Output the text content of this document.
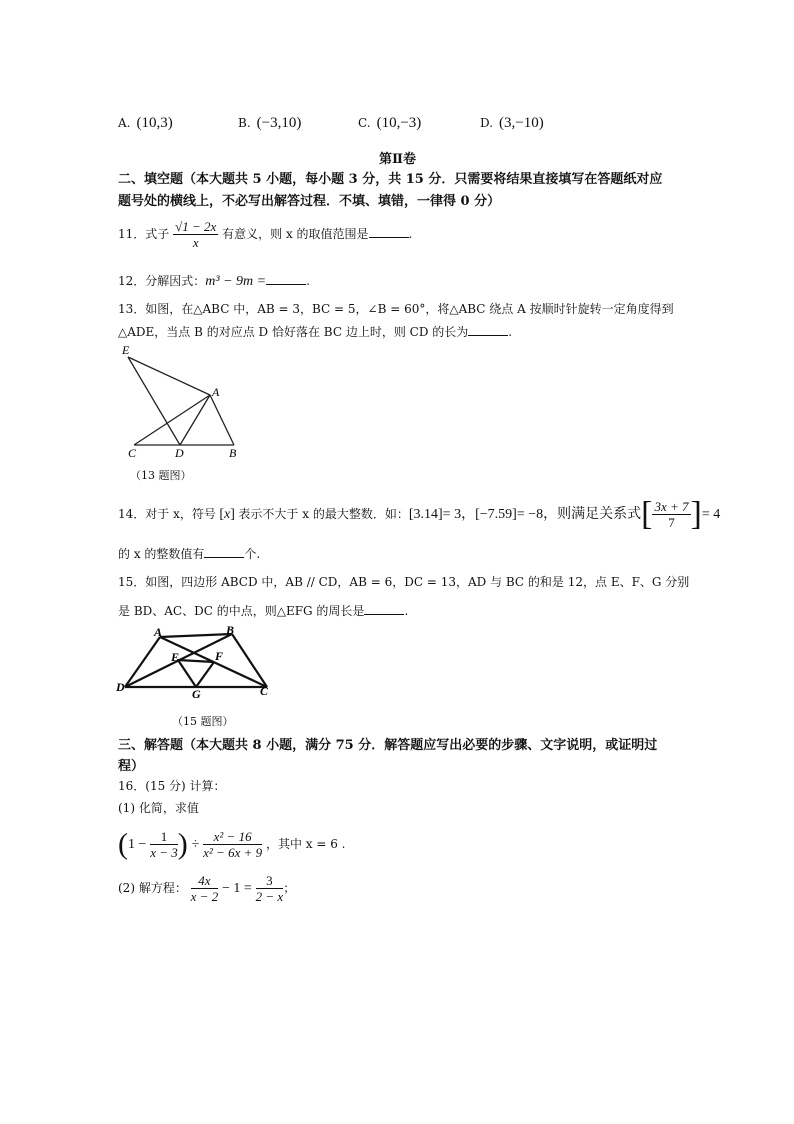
A. (10,3)	B. (−3,10)	C. (10,−3)	D. (3,−10)
第Ⅱ卷
二、填空题（本大题共 5 小题，每小题 3 分，共 15 分．只需要将结果直接填写在答题纸对应
题号处的横线上，不必写出解答过程．不填、填错，一律得 0 分）
11．式子 $\frac{√1 - 2x}{x}$ 有意义，则 x 的取值范围是	.
12．分解因式：m³ − 9m =	.
13．如图，在△ABC 中，AB = 3，BC = 5，∠B = 60°，将△ABC 绕点 A 按顺时针旋转一定角度得到
△ADE，当点 B 的对应点 D 恰好落在 BC 边上时，则 CD 的长为	.
E
A
C	D	B
（13 题图）
14．对于 x，符号 [x] 表示不大于 x 的最大整数．如：[3.14]= 3，[−7.59]= −8，则满足关系式[ $\frac{3x + 7}{7}$ ]= 4
的 x 的整数值有	个.
15．如图，四边形 ABCD 中，AB // CD，AB = 6，DC = 13，AD 与 BC 的和是 12，点 E、F、G 分别
是 BD、AC、DC 的中点，则△EFG 的周长是	.
A	B
E	F
D	G	C
（15 题图）
三、解答题（本大题共 8 小题，满分 75 分．解答题应写出必要的步骤、文字说明，或证明过
程）
16．(15 分) 计算：
(1) 化简，求值
($1 - \frac{1}{x - 3}$ ) ÷ $\frac{\text{x² − 16}}{\text{x² − 6x + 9}}$ ，其中 x = 6 .
(2) 解方程： $\frac{4x}{x - 2} - 1 = \frac{3}{2 - x}$ ；
